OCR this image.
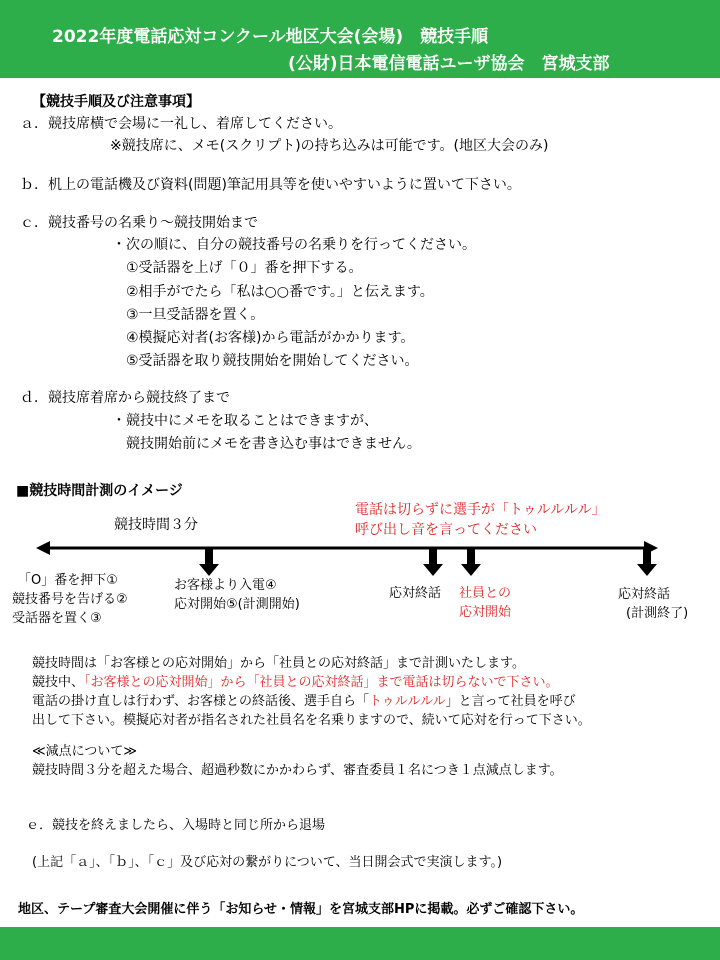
2022年度電話応対コンクール地区大会(会場)　競技手順
(公財)日本電信電話ユーザ協会　宮城支部
【競技手順及び注意事項】
ａ．競技席横で会場に一礼し、着席してください。
※競技席に、メモ(スクリプト)の持ち込みは可能です。(地区大会のみ)
ｂ．机上の電話機及び資料(問題)筆記用具等を使いやすいように置いて下さい。
ｃ．競技番号の名乗り～競技開始まで
・次の順に、自分の競技番号の名乗りを行ってください。
①受話器を上げ「０」番を押下する。
②相手がでたら「私は○○番です。」と伝えます。
③一旦受話器を置く。
④模擬応対者(お客様)から電話がかかります。
⑤受話器を取り競技開始を開始してください。
ｄ．競技席着席から競技終了まで
・競技中にメモを取ることはできますが、
競技開始前にメモを書き込む事はできません。
■競技時間計測のイメージ
競技時間３分
電話は切らずに選手が「トゥルルルル」
呼び出し音を言ってください
「O」番を押下①
競技番号を告げる②
受話器を置く③
お客様より入電④
応対開始⑤(計測開始)
応対終話 社員との
応対開始
応対終話
(計測終了)
競技時間は「お客様との応対開始」から「社員との応対終話」まで計測いたします。
競技中、「お客様との応対開始」から「社員との応対終話」まで電話は切らないで下さい。
電話の掛け直しは行わず、お客様との終話後、選手自ら「トゥルルルル」と言って社員を呼び
出して下さい。模擬応対者が指名された社員名を名乗りますので、続いて応対を行って下さい。
≪減点について≫
競技時間３分を超えた場合、超過秒数にかかわらず、審査委員１名につき１点減点します。
ｅ．競技を終えましたら、入場時と同じ所から退場
(上記「ａ」、「ｂ」、「ｃ」及び応対の繋がりについて、当日開会式で実演します。)
地区、テープ審査大会開催に伴う「お知らせ・情報」を宮城支部HPに掲載。必ずご確認下さい。
